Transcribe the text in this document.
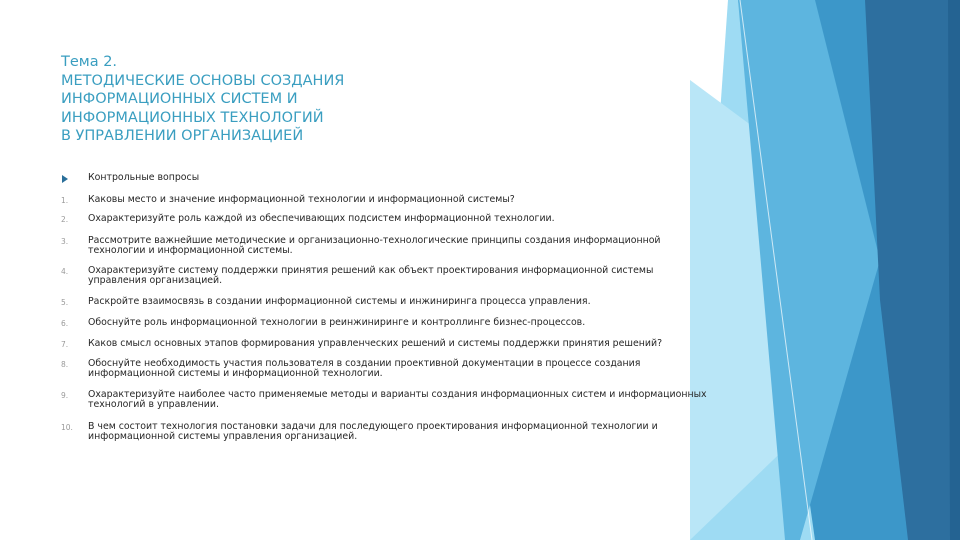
Тема 2.
МЕТОДИЧЕСКИЕ ОСНОВЫ СОЗДАНИЯ
ИНФОРМАЦИОННЫХ СИСТЕМ И
ИНФОРМАЦИОННЫХ ТЕХНОЛОГИЙ
В УПРАВЛЕНИИ ОРГАНИЗАЦИЕЙ
Контрольные вопросы
1. Каковы место и значение информационной технологии и информационной системы?
2. Охарактеризуйте роль каждой из обеспечивающих подсистем информационной технологии.
3. Рассмотрите важнейшие методические и организационно-технологические принципы создания информационной
технологии и информационной системы.
4. Охарактеризуйте систему поддержки принятия решений как объект проектирования информационной системы
управления организацией.
5. Раскройте взаимосвязь в создании информационной системы и инжиниринга процесса управления.
6. Обоснуйте роль информационной технологии в реинжиниринге и контроллинге бизнес-процессов.
7. Каков смысл основных этапов формирования управленческих решений и системы поддержки принятия решений?
8. Обоснуйте необходимость участия пользователя в создании проективной документации в процессе создания
информационной системы и информационной технологии.
9. Охарактеризуйте наиболее часто применяемые методы и варианты создания информационных систем и информационных
технологий в управлении.
10. В чем состоит технология постановки задачи для последующего проектирования информационной технологии и
информационной системы управления организацией.
